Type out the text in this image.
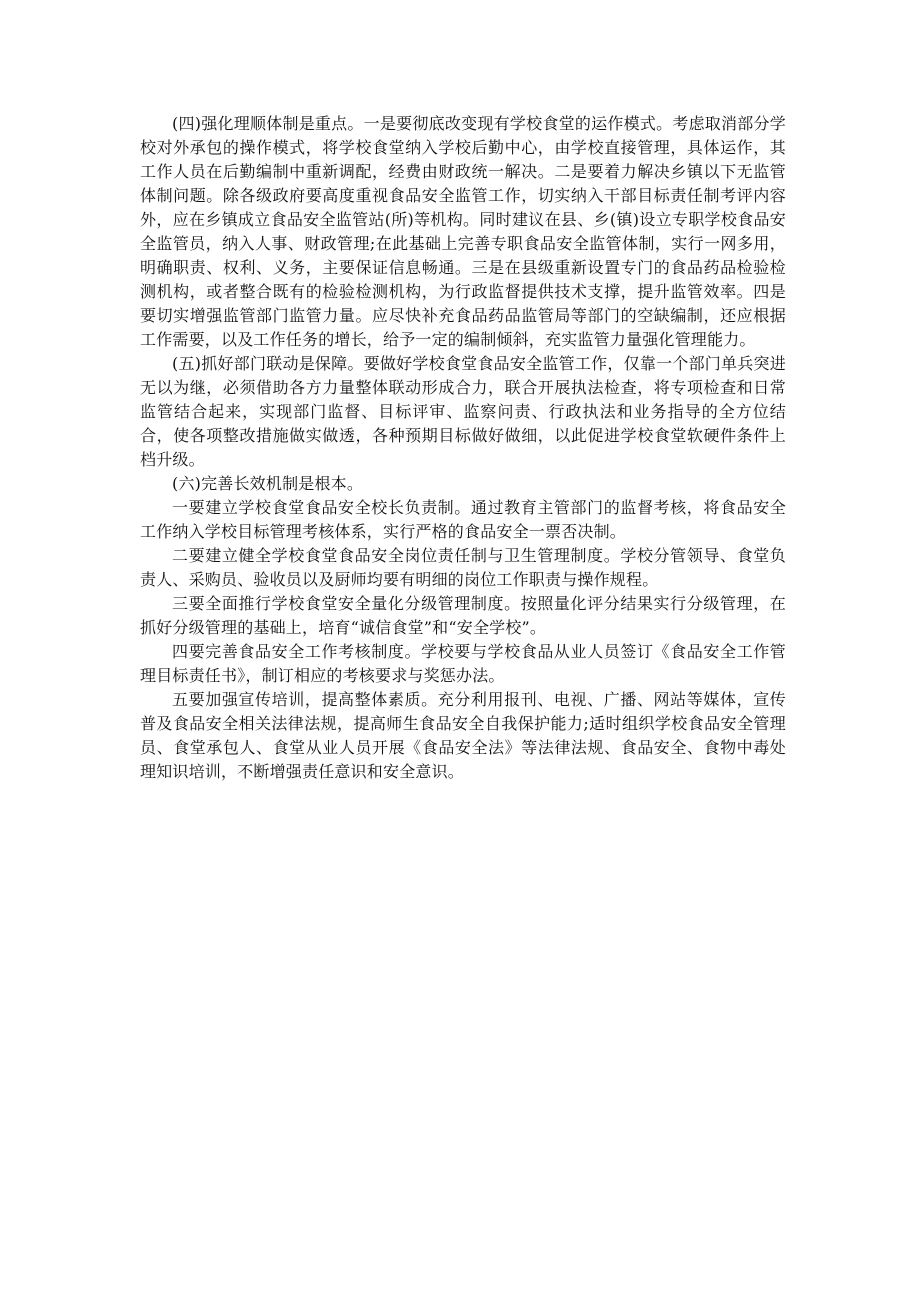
(四)强化理顺体制是重点。一是要彻底改变现有学校食堂的运作模式。考虑取消部分学校对外承包的操作模式，将学校食堂纳入学校后勤中心，由学校直接管理，具体运作，其工作人员在后勤编制中重新调配，经费由财政统一解决。二是要着力解决乡镇以下无监管体制问题。除各级政府要高度重视食品安全监管工作，切实纳入干部目标责任制考评内容外，应在乡镇成立食品安全监管站(所)等机构。同时建议在县、乡(镇)设立专职学校食品安全监管员，纳入人事、财政管理;在此基础上完善专职食品安全监管体制，实行一网多用，明确职责、权利、义务，主要保证信息畅通。三是在县级重新设置专门的食品药品检验检测机构，或者整合既有的检验检测机构，为行政监督提供技术支撑，提升监管效率。四是要切实增强监管部门监管力量。应尽快补充食品药品监管局等部门的空缺编制，还应根据工作需要，以及工作任务的增长，给予一定的编制倾斜，充实监管力量强化管理能力。

(五)抓好部门联动是保障。要做好学校食堂食品安全监管工作，仅靠一个部门单兵突进无以为继，必须借助各方力量整体联动形成合力，联合开展执法检查，将专项检查和日常监管结合起来，实现部门监督、目标评审、监察问责、行政执法和业务指导的全方位结合，使各项整改措施做实做透，各种预期目标做好做细，以此促进学校食堂软硬件条件上档升级。

(六)完善长效机制是根本。

一要建立学校食堂食品安全校长负责制。通过教育主管部门的监督考核，将食品安全工作纳入学校目标管理考核体系，实行严格的食品安全一票否决制。

二要建立健全学校食堂食品安全岗位责任制与卫生管理制度。学校分管领导、食堂负责人、采购员、验收员以及厨师均要有明细的岗位工作职责与操作规程。

三要全面推行学校食堂安全量化分级管理制度。按照量化评分结果实行分级管理，在抓好分级管理的基础上，培育“诚信食堂”和“安全学校”。

四要完善食品安全工作考核制度。学校要与学校食品从业人员签订《食品安全工作管理目标责任书》，制订相应的考核要求与奖惩办法。

五要加强宣传培训，提高整体素质。充分利用报刊、电视、广播、网站等媒体，宣传普及食品安全相关法律法规，提高师生食品安全自我保护能力;适时组织学校食品安全管理员、食堂承包人、食堂从业人员开展《食品安全法》等法律法规、食品安全、食物中毒处理知识培训，不断增强责任意识和安全意识。
